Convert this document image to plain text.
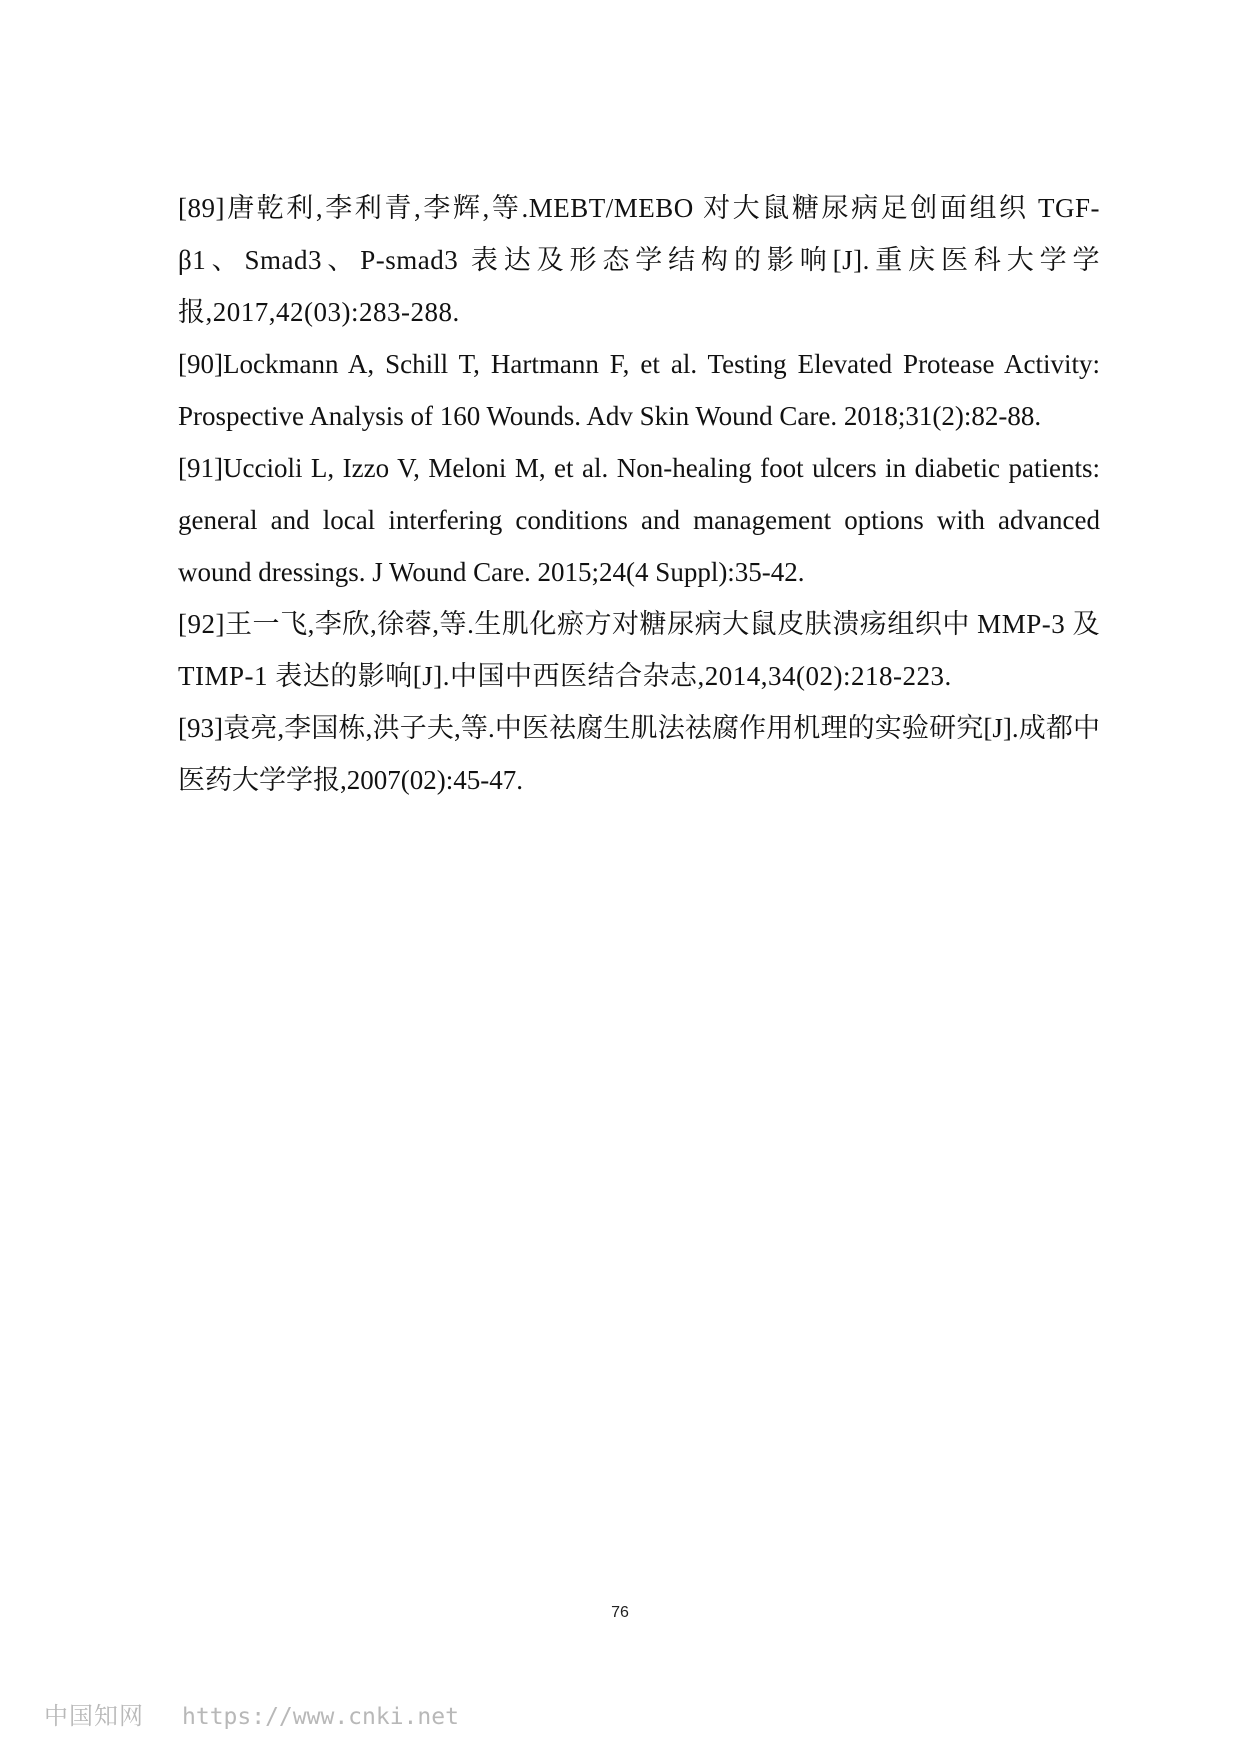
[89]唐乾利,李利青,李辉,等.MEBT/MEBO 对大鼠糖尿病足创面组织 TGF-β1、Smad3、P-smad3 表达及形态学结构的影响[J].重庆医科大学学报,2017,42(03):283-288.

[90]Lockmann A, Schill T, Hartmann F, et al. Testing Elevated Protease Activity: Prospective Analysis of 160 Wounds. Adv Skin Wound Care. 2018;31(2):82-88.

[91]Uccioli L, Izzo V, Meloni M, et al. Non-healing foot ulcers in diabetic patients: general and local interfering conditions and management options with advanced wound dressings. J Wound Care. 2015;24(4 Suppl):35-42.

[92]王一飞,李欣,徐蓉,等.生肌化瘀方对糖尿病大鼠皮肤溃疡组织中 MMP-3 及 TIMP-1 表达的影响[J].中国中西医结合杂志,2014,34(02):218-223.

[93]袁亮,李国栋,洪子夫,等.中医祛腐生肌法祛腐作用机理的实验研究[J].成都中医药大学学报,2007(02):45-47.

76
中国知网 https://www.cnki.net
